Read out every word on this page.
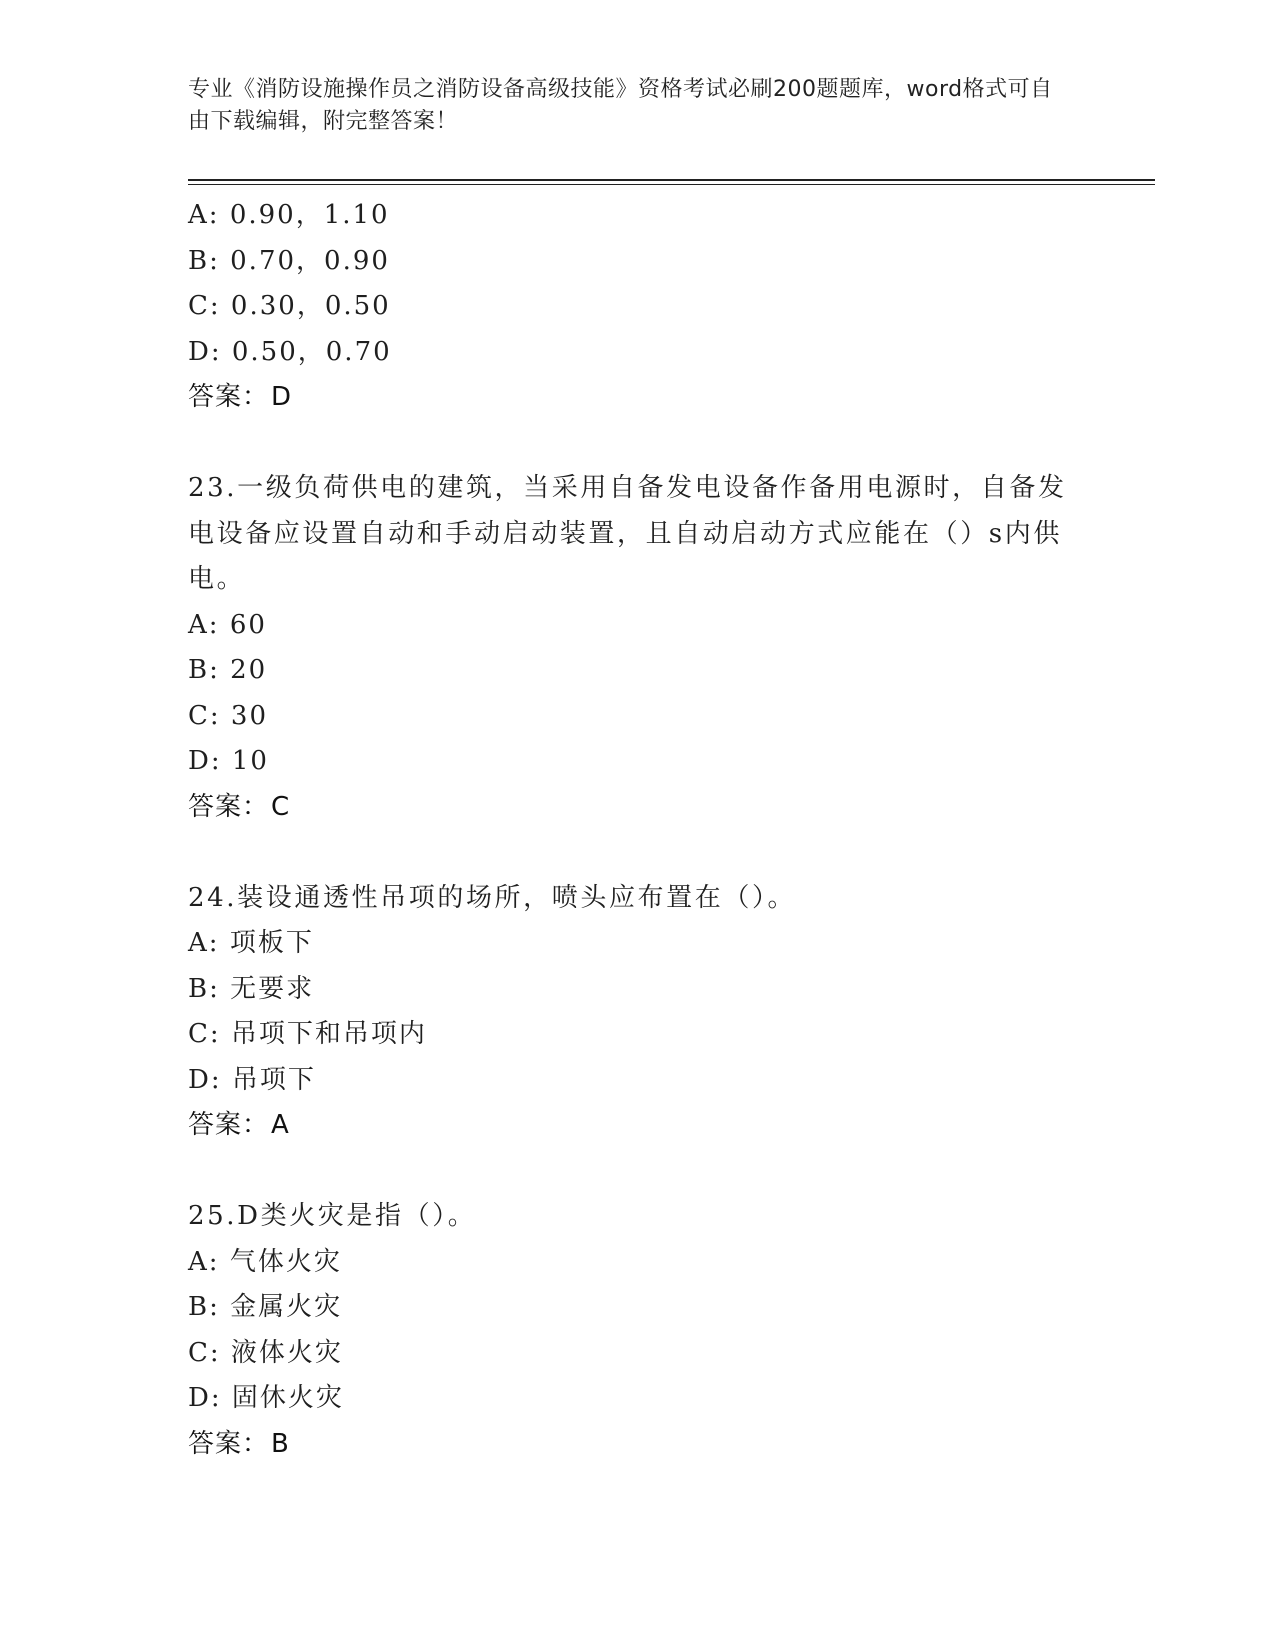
专业《消防设施操作员之消防设备高级技能》资格考试必刷200题题库，word格式可自由下载编辑，附完整答案！
A: 0.90，1.10
B: 0.70，0.90
C: 0.30，0.50
D: 0.50，0.70
答案：D
23.一级负荷供电的建筑，当采用自备发电设备作备用电源时，自备发电设备应设置自动和手动启动装置，且自动启动方式应能在（）s内供电。
A: 60
B: 20
C: 30
D: 10
答案：C
24.装设通透性吊项的场所，喷头应布置在（）。
A: 项板下
B: 无要求
C: 吊项下和吊项内
D: 吊项下
答案：A
25.D类火灾是指（）。
A: 气体火灾
B: 金属火灾
C: 液体火灾
D: 固休火灾
答案：B
